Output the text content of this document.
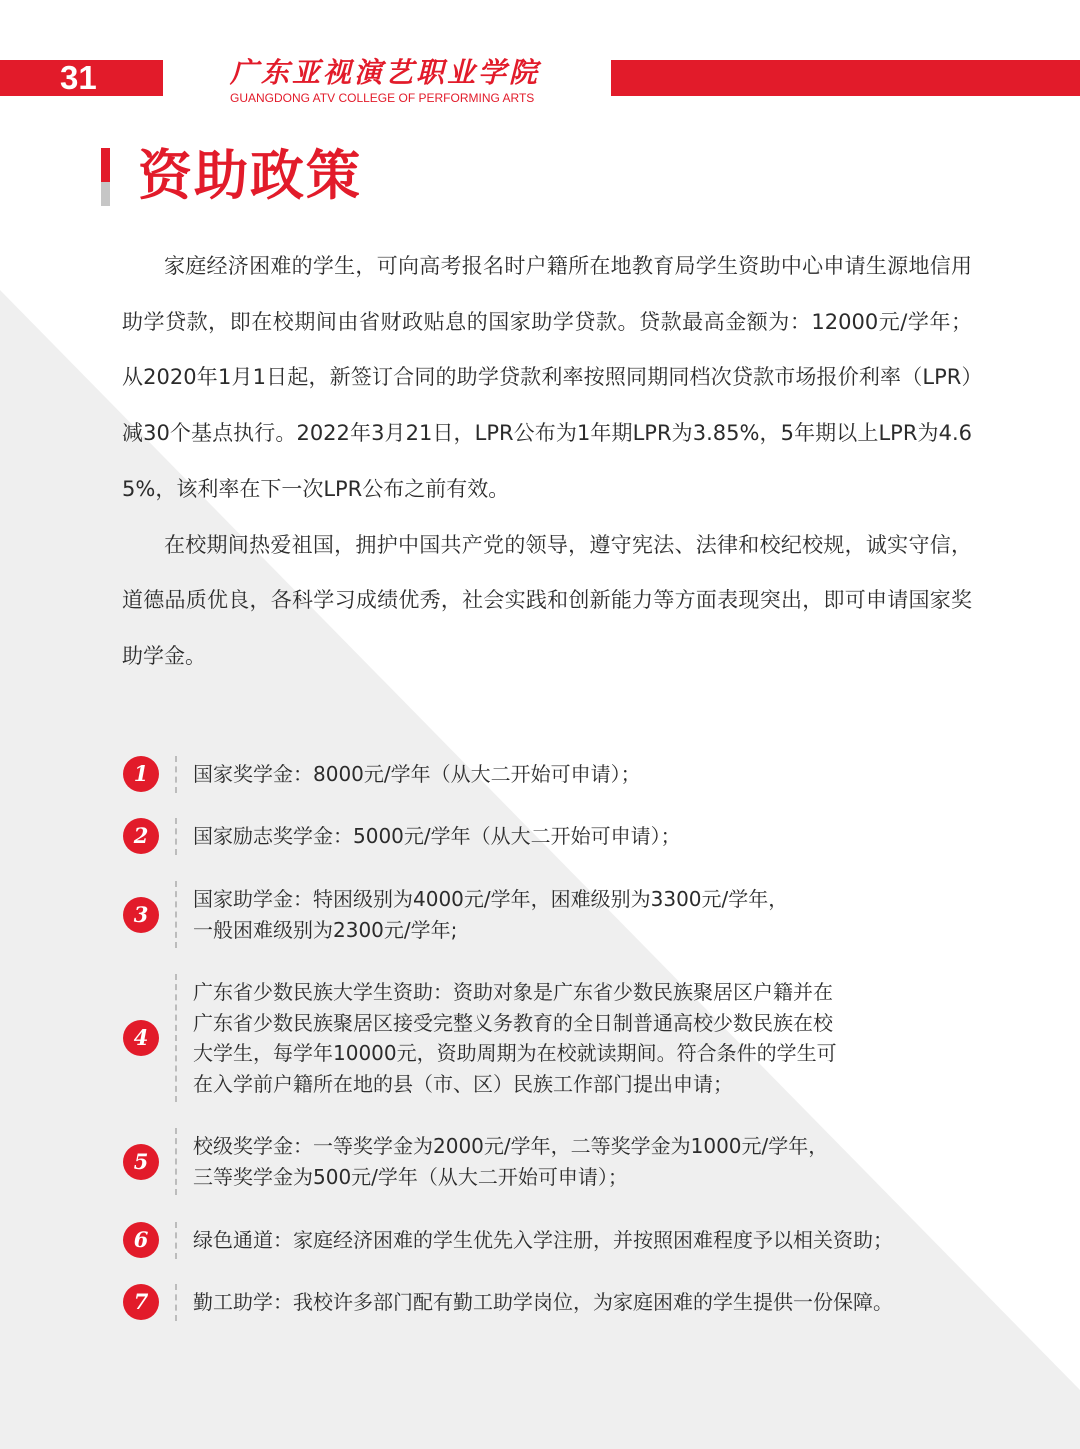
31	广东亚视演艺职业学院
GUANGDONG ATV COLLEGE OF PERFORMING ARTS
资助政策

家庭经济困难的学生，可向高考报名时户籍所在地教育局学生资助中心申请生源地信用助学贷款，即在校期间由省财政贴息的国家助学贷款。贷款最高金额为：12000元/学年；从2020年1月1日起，新签订合同的助学贷款利率按照同期同档次贷款市场报价利率（LPR）减30个基点执行。2022年3月21日，LPR公布为1年期LPR为3.85%，5年期以上LPR为4.65%，该利率在下一次LPR公布之前有效。

在校期间热爱祖国，拥护中国共产党的领导，遵守宪法、法律和校纪校规，诚实守信，道德品质优良，各科学习成绩优秀，社会实践和创新能力等方面表现突出，即可申请国家奖助学金。

1	国家奖学金：8000元/学年（从大二开始可申请）；
2	国家励志奖学金：5000元/学年（从大二开始可申请）；
3
国家助学金：特困级别为4000元/学年，困难级别为3300元/学年，
一般困难级别为2300元/学年;
4
广东省少数民族大学生资助：资助对象是广东省少数民族聚居区户籍并在
广东省少数民族聚居区接受完整义务教育的全日制普通高校少数民族在校
大学生，每学年10000元，资助周期为在校就读期间。符合条件的学生可
在入学前户籍所在地的县（市、区）民族工作部门提出申请；
5
校级奖学金：一等奖学金为2000元/学年，二等奖学金为1000元/学年，
三等奖学金为500元/学年（从大二开始可申请）；
6	绿色通道：家庭经济困难的学生优先入学注册，并按照困难程度予以相关资助；
7	勤工助学：我校许多部门配有勤工助学岗位，为家庭困难的学生提供一份保障。
